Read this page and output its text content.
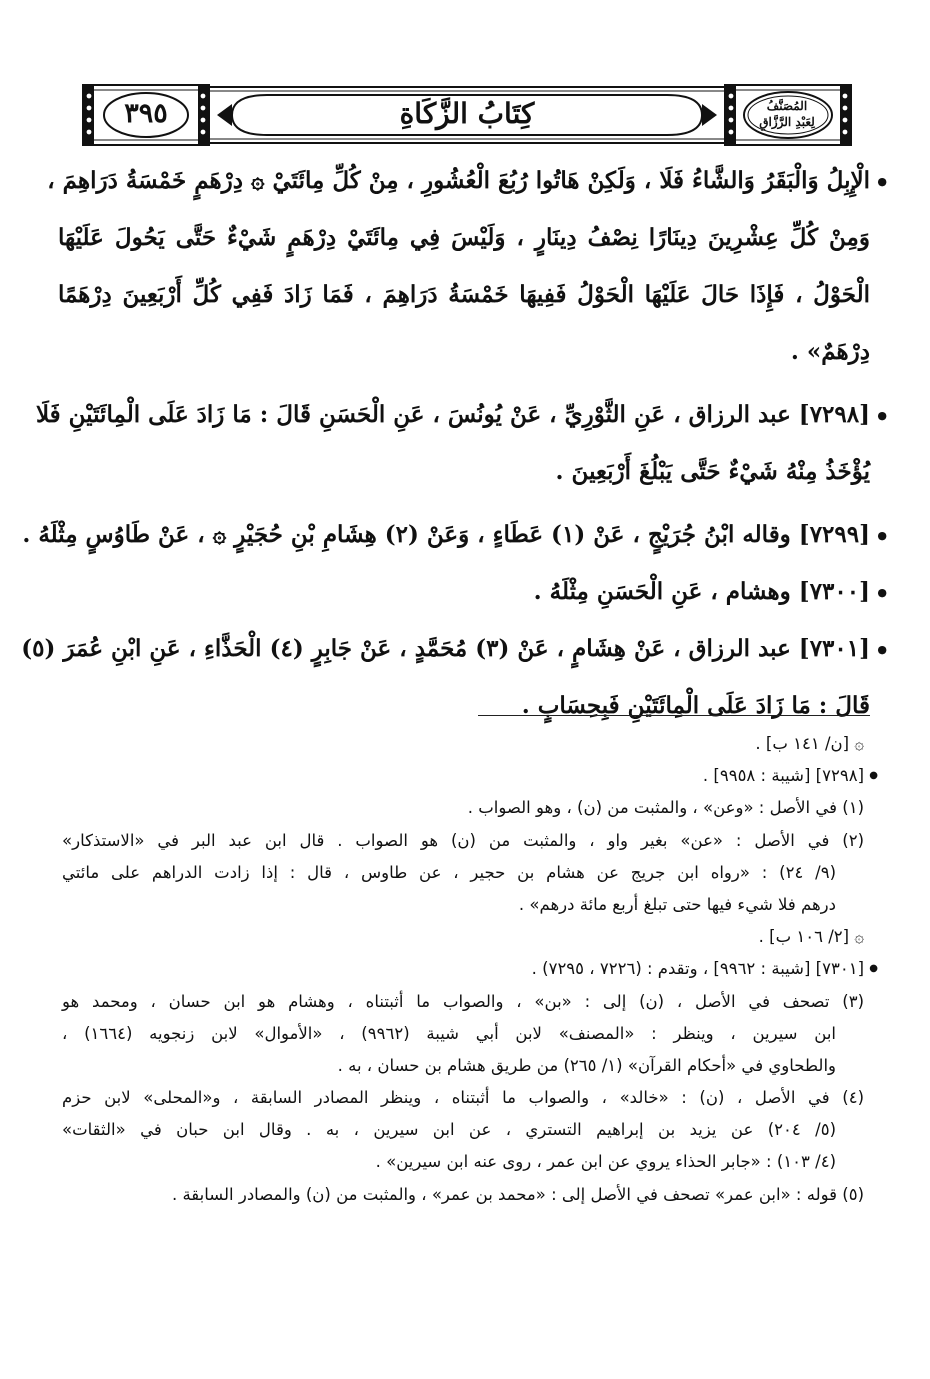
كِتَابُ الزَّكَاةِ
٣٩٥	المُصَنَّفُ
لِعَبْدِ الرَّزَّاقِ
● الْإِبِلُ وَالْبَقَرُ وَالشَّاءُ فَلَا ، وَلَكِنْ هَاتُوا رُبُعَ الْعُشُورِ ، مِنْ كُلِّ مِائَتَيْ ۞ دِرْهَمٍ خَمْسَةُ دَرَاهِمَ ،
وَمِنْ كُلِّ عِشْرِينَ دِينَارًا نِصْفُ دِينَارٍ ، وَلَيْسَ فِي مِائَتَيْ دِرْهَمٍ شَيْءٌ حَتَّى يَحُولَ عَلَيْهَا
الْحَوْلُ ، فَإِذَا حَالَ عَلَيْهَا الْحَوْلُ فَفِيهَا خَمْسَةُ دَرَاهِمَ ، فَمَا زَادَ فَفِي كُلِّ أَرْبَعِينَ دِرْهَمًا
دِرْهَمٌ» .
● [٧٢٩٨] عبد الرزاق ، عَنِ الثَّوْرِيِّ ، عَنْ يُونُسَ ، عَنِ الْحَسَنِ قَالَ : مَا زَادَ عَلَى الْمِائَتَيْنِ فَلَا
يُؤْخَذُ مِنْهُ شَيْءٌ حَتَّى يَبْلُغَ أَرْبَعِينَ .
● [٧٢٩٩] وقاله ابْنُ جُرَيْجٍ ، عَنْ (١) عَطَاءٍ ، وَعَنْ (٢) هِشَامِ بْنِ حُجَيْرٍ ۞ ، عَنْ طَاوُسٍ مِثْلَهُ .
● [٧٣٠٠] وهشام ، عَنِ الْحَسَنِ مِثْلَهُ .
● [٧٣٠١] عبد الرزاق ، عَنْ هِشَامٍ ، عَنْ (٣) مُحَمَّدٍ ، عَنْ جَابِرٍ (٤) الْحَذَّاءِ ، عَنِ ابْنِ عُمَرَ (٥)
قَالَ : مَا زَادَ عَلَى الْمِائَتَيْنِ فَبِحِسَابٍ .
۞ [ن/ ١٤١ ب] .
● [٧٢٩٨] [شيبة : ٩٩٥٨] .
(١) في الأصل : «وعن» ، والمثبت من (ن) ، وهو الصواب .
(٢) في الأصل : «عن» بغير واو ، والمثبت من (ن) هو الصواب . قال ابن عبد البر في «الاستذكار»
(٩/ ٢٤) : «رواه ابن جريج عن هشام بن حجير ، عن طاوس ، قال : إذا زادت الدراهم على مائتي
درهم فلا شيء فيها حتى تبلغ أربع مائة درهم» .
۞ [٢/ ١٠٦ ب] .
● [٧٣٠١] [شيبة : ٩٩٦٢] ، وتقدم : (٧٢٢٦ ، ٧٢٩٥) .
(٣) تصحف في الأصل ، (ن) إلى : «بن» ، والصواب ما أثبتناه ، وهشام هو ابن حسان ، ومحمد هو
ابن سيرين ، وينظر : «المصنف» لابن أبي شيبة (٩٩٦٢) ، «الأموال» لابن زنجويه (١٦٦٤) ،
والطحاوي في «أحكام القرآن» (١/ ٢٦٥) من طريق هشام بن حسان ، به .
(٤) في الأصل ، (ن) : «خالد» ، والصواب ما أثبتناه ، وينظر المصادر السابقة ، و«المحلى» لابن حزم
(٥/ ٢٠٤) عن يزيد بن إبراهيم التستري ، عن ابن سيرين ، به . وقال ابن حبان في «الثقات»
(٤/ ١٠٣) : «جابر الحذاء يروي عن ابن عمر ، روى عنه ابن سيرين» .
(٥) قوله : «ابن عمر» تصحف في الأصل إلى : «محمد بن عمر» ، والمثبت من (ن) والمصادر السابقة .
